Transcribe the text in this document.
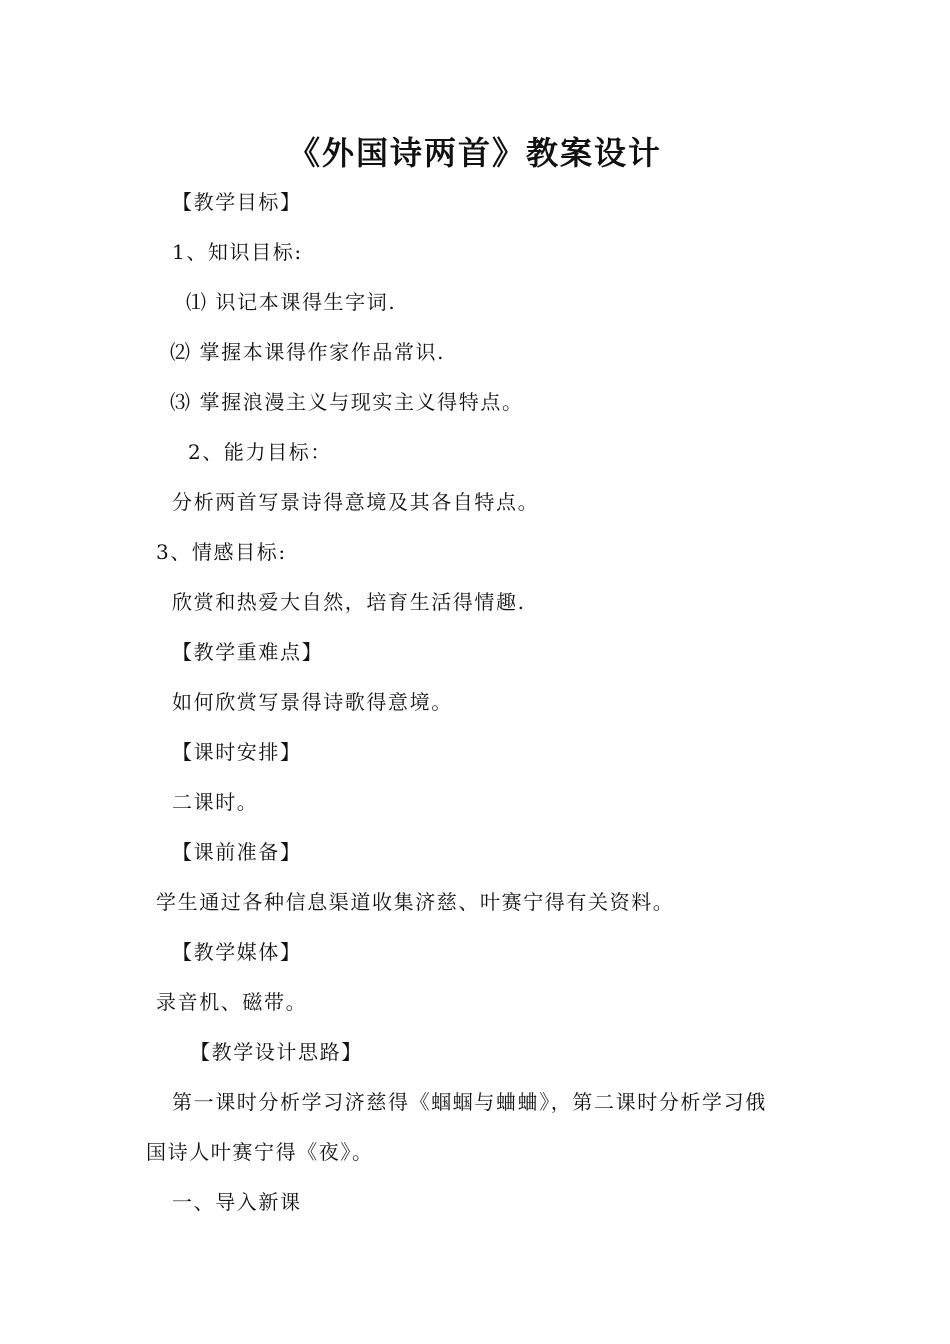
《外国诗两首》教案设计
【教学目标】
1、知识目标:
⑴ 识记本课得生字词.
⑵ 掌握本课得作家作品常识.
⑶ 掌握浪漫主义与现实主义得特点。
2、能力目标：
分析两首写景诗得意境及其各自特点。
3、情感目标:
欣赏和热爱大自然，培育生活得情趣.
【教学重难点】
如何欣赏写景得诗歌得意境。
【课时安排】
二课时。
【课前准备】
学生通过各种信息渠道收集济慈、叶赛宁得有关资料。
【教学媒体】
录音机、磁带。
【教学设计思路】
第一课时分析学习济慈得《蝈蝈与蛐蛐》，第二课时分析学习俄
国诗人叶赛宁得《夜》。
一、导入新课
